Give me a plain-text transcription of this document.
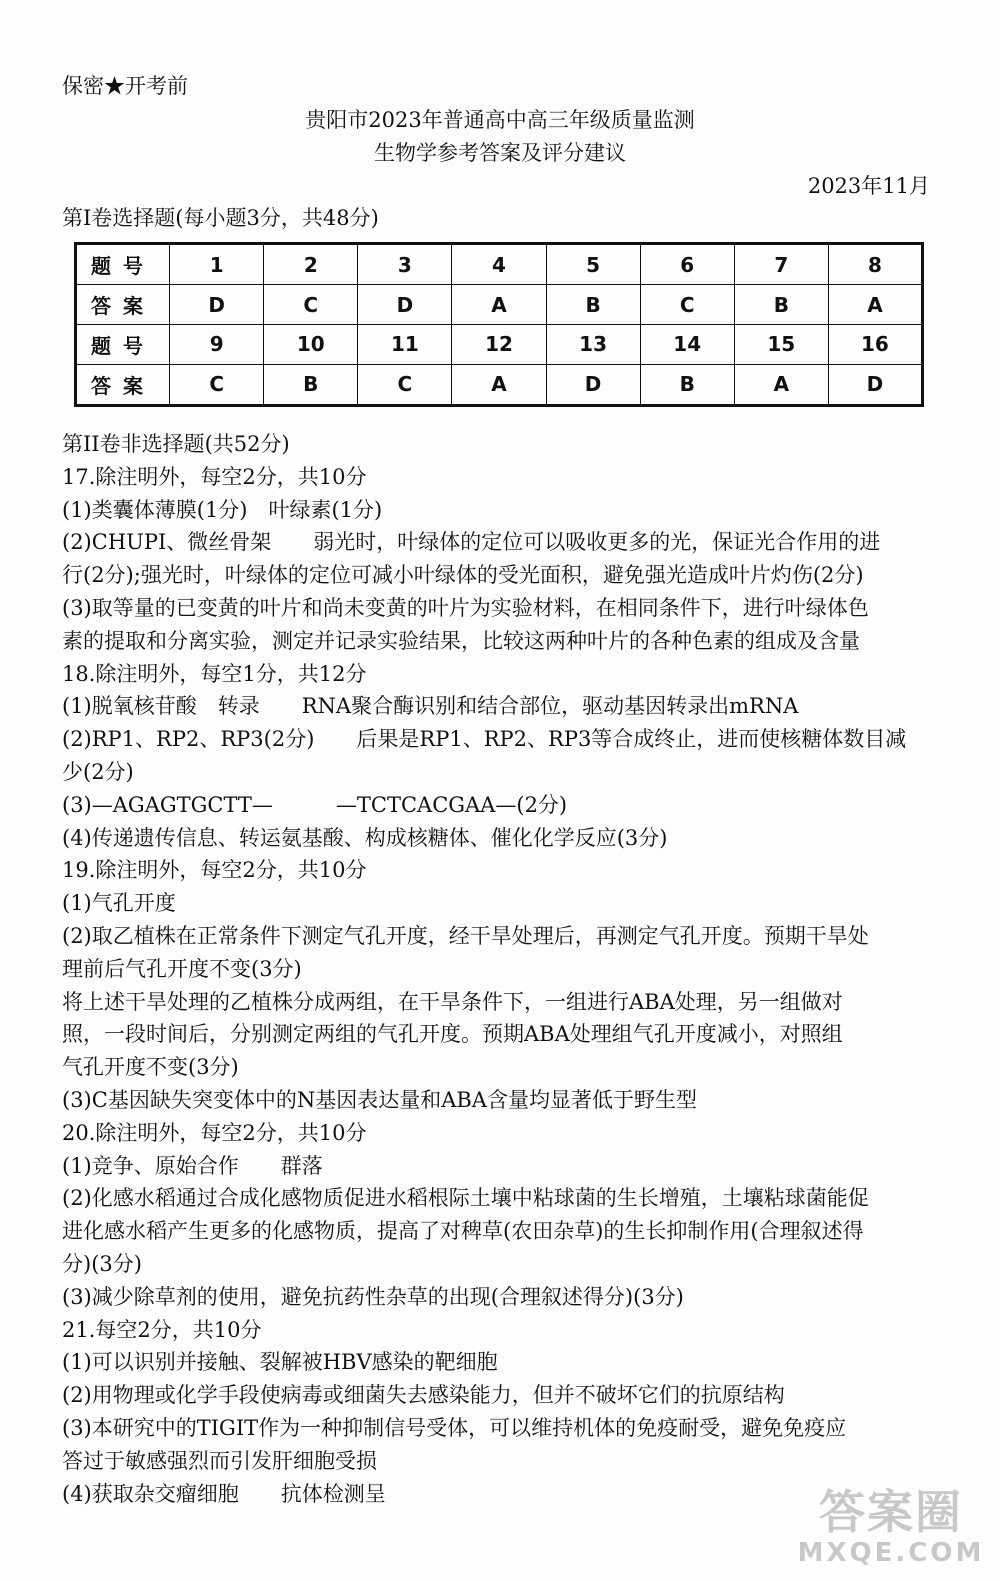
保密★开考前
贵阳市2023年普通高中高三年级质量监测
生物学参考答案及评分建议
2023年11月
第I卷选择题(每小题3分，共48分)
题号	1	2	3	4	5	6	7	8
答案	D	C	D	A	B	C	B	A
题号	9	10	11	12	13	14	15	16
答案	C	B	C	A	D	B	A	D

第II卷非选择题(共52分)

17.除注明外，每空2分，共10分

(1)类囊体薄膜(1分)　叶绿素(1分)

(2)CHUPI、微丝骨架　　弱光时，叶绿体的定位可以吸收更多的光，保证光合作用的进

行(2分);强光时，叶绿体的定位可减小叶绿体的受光面积，避免强光造成叶片灼伤(2分)

(3)取等量的已变黄的叶片和尚未变黄的叶片为实验材料，在相同条件下，进行叶绿体色

素的提取和分离实验，测定并记录实验结果，比较这两种叶片的各种色素的组成及含量

18.除注明外，每空1分，共12分

(1)脱氧核苷酸　转录　　RNA聚合酶识别和结合部位，驱动基因转录出mRNA

(2)RP1、RP2、RP3(2分)　　后果是RP1、RP2、RP3等合成终止，进而使核糖体数目减

少(2分)

(3)—AGAGTGCTT—　　　—TCTCACGAA—(2分)

(4)传递遗传信息、转运氨基酸、构成核糖体、催化化学反应(3分)

19.除注明外，每空2分，共10分

(1)气孔开度

(2)取乙植株在正常条件下测定气孔开度，经干旱处理后，再测定气孔开度。预期干旱处

理前后气孔开度不变(3分)

将上述干旱处理的乙植株分成两组，在干旱条件下，一组进行ABA处理，另一组做对

照，一段时间后，分别测定两组的气孔开度。预期ABA处理组气孔开度减小，对照组

气孔开度不变(3分)

(3)C基因缺失突变体中的N基因表达量和ABA含量均显著低于野生型

20.除注明外，每空2分，共10分

(1)竞争、原始合作　　群落

(2)化感水稻通过合成化感物质促进水稻根际土壤中粘球菌的生长增殖，土壤粘球菌能促

进化感水稻产生更多的化感物质，提高了对稗草(农田杂草)的生长抑制作用(合理叙述得

分)(3分)

(3)减少除草剂的使用，避免抗药性杂草的出现(合理叙述得分)(3分)

21.每空2分，共10分

(1)可以识别并接触、裂解被HBV感染的靶细胞

(2)用物理或化学手段使病毒或细菌失去感染能力，但并不破坏它们的抗原结构

(3)本研究中的TIGIT作为一种抑制信号受体，可以维持机体的免疫耐受，避免免疫应

答过于敏感强烈而引发肝细胞受损

(4)获取杂交瘤细胞　　抗体检测呈	答案圈
MXQE.COM
